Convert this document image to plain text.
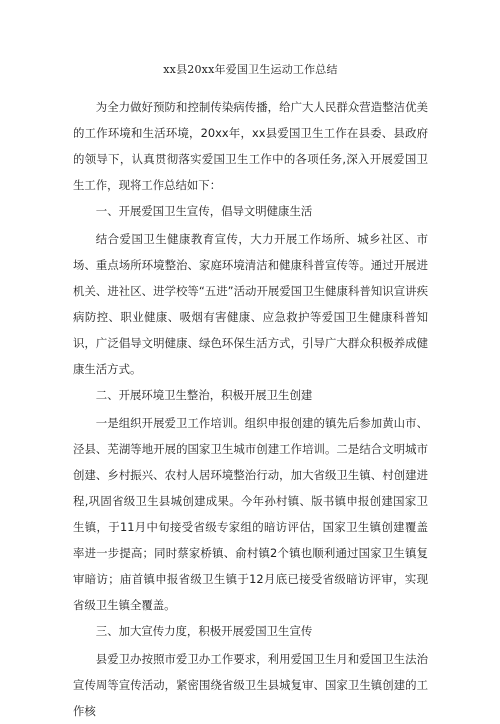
xx县20xx年爱国卫生运动工作总结

为全力做好预防和控制传染病传播，给广大人民群众营造整洁优美的工作环境和生活环境，20xx年，xx县爱国卫生工作在县委、县政府的领导下，认真贯彻落实爱国卫生工作中的各项任务,深入开展爱国卫生工作，现将工作总结如下：

一、开展爱国卫生宣传，倡导文明健康生活

结合爱国卫生健康教育宣传，大力开展工作场所、城乡社区、市场、重点场所环境整治、家庭环境清洁和健康科普宣传等。通过开展进机关、进社区、进学校等“五进”活动开展爱国卫生健康科普知识宣讲疾病防控、职业健康、吸烟有害健康、应急救护等爱国卫生健康科普知识，广泛倡导文明健康、绿色环保生活方式，引导广大群众积极养成健康生活方式。

二、开展环境卫生整治，积极开展卫生创建

一是组织开展爱卫工作培训。组织申报创建的镇先后参加黄山市、泾县、芜湖等地开展的国家卫生城市创建工作培训。二是结合文明城市创建、乡村振兴、农村人居环境整治行动，加大省级卫生镇、村创建进程,巩固省级卫生县城创建成果。今年孙村镇、版书镇申报创建国家卫生镇，于11月中旬接受省级专家组的暗访评估，国家卫生镇创建覆盖率进一步提高；同时蔡家桥镇、俞村镇2个镇也顺利通过国家卫生镇复审暗访；庙首镇申报省级卫生镇于12月底已接受省级暗访评审，实现省级卫生镇全覆盖。

三、加大宣传力度，积极开展爱国卫生宣传

县爱卫办按照市爱卫办工作要求，利用爱国卫生月和爱国卫生法治宣传周等宣传活动，紧密围绕省级卫生县城复审、国家卫生镇创建的工作核
